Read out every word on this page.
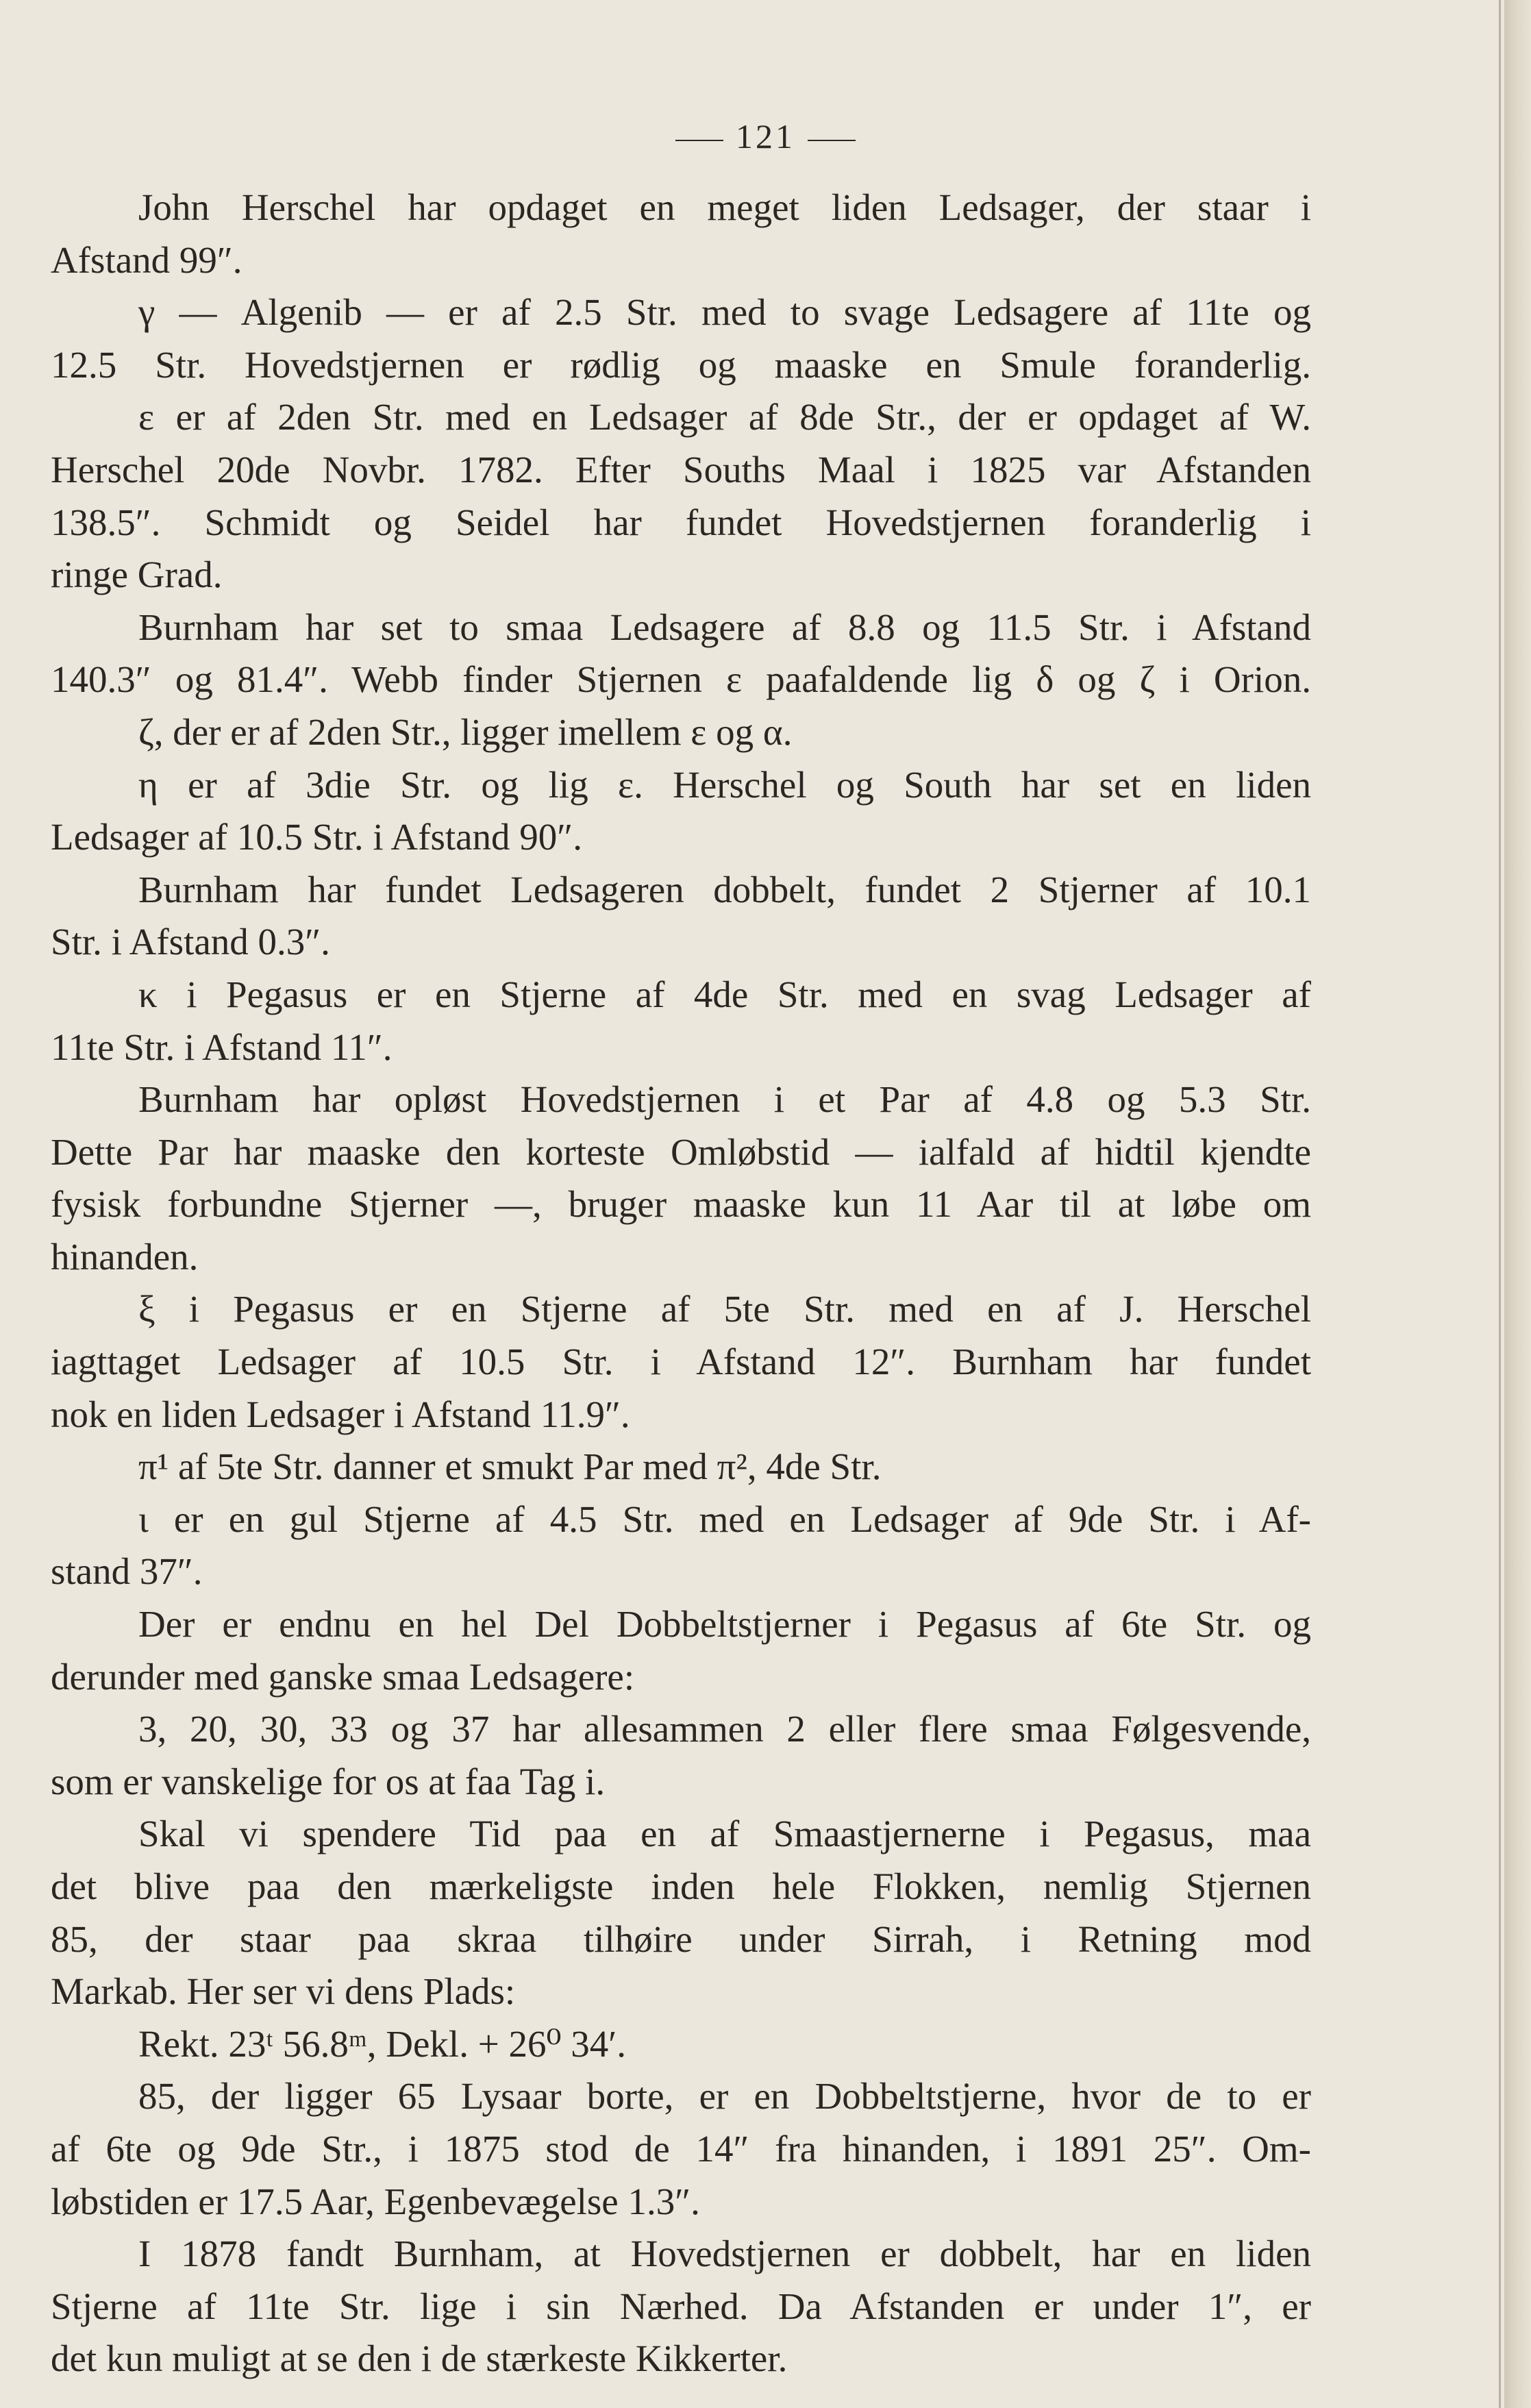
121
John Herschel har opdaget en meget liden Ledsager, der staar i
Afstand 99″.
γ — Algenib — er af 2.5 Str. med to svage Ledsagere af 11te og
12.5 Str. Hovedstjernen er rødlig og maaske en Smule foranderlig.
ε er af 2den Str. med en Ledsager af 8de Str., der er opdaget af W.
Herschel 20de Novbr. 1782. Efter Souths Maal i 1825 var Afstanden
138.5″. Schmidt og Seidel har fundet Hovedstjernen foranderlig i
ringe Grad.
Burnham har set to smaa Ledsagere af 8.8 og 11.5 Str. i Afstand
140.3″ og 81.4″. Webb finder Stjernen ε paafaldende lig δ og ζ i Orion.
ζ, der er af 2den Str., ligger imellem ε og α.
η er af 3die Str. og lig ε. Herschel og South har set en liden
Ledsager af 10.5 Str. i Afstand 90″.
Burnham har fundet Ledsageren dobbelt, fundet 2 Stjerner af 10.1
Str. i Afstand 0.3″.
κ i Pegasus er en Stjerne af 4de Str. med en svag Ledsager af
11te Str. i Afstand 11″.
Burnham har opløst Hovedstjernen i et Par af 4.8 og 5.3 Str.
Dette Par har maaske den korteste Omløbstid — ialfald af hidtil kjendte
fysisk forbundne Stjerner —, bruger maaske kun 11 Aar til at løbe om
hinanden.
ξ i Pegasus er en Stjerne af 5te Str. med en af J. Herschel
iagttaget Ledsager af 10.5 Str. i Afstand 12″. Burnham har fundet
nok en liden Ledsager i Afstand 11.9″.
π¹ af 5te Str. danner et smukt Par med π², 4de Str.
ι er en gul Stjerne af 4.5 Str. med en Ledsager af 9de Str. i Af-
stand 37″.
Der er endnu en hel Del Dobbeltstjerner i Pegasus af 6te Str. og
derunder med ganske smaa Ledsagere:
3, 20, 30, 33 og 37 har allesammen 2 eller flere smaa Følgesvende,
som er vanskelige for os at faa Tag i.
Skal vi spendere Tid paa en af Smaastjernerne i Pegasus, maa
det blive paa den mærkeligste inden hele Flokken, nemlig Stjernen
85, der staar paa skraa tilhøire under Sirrah, i Retning mod
Markab. Her ser vi dens Plads:
Rekt. 23ᵗ 56.8ᵐ, Dekl. + 26⁰ 34′.
85, der ligger 65 Lysaar borte, er en Dobbeltstjerne, hvor de to er
af 6te og 9de Str., i 1875 stod de 14″ fra hinanden, i 1891 25″. Om-
løbstiden er 17.5 Aar, Egenbevægelse 1.3″.
I 1878 fandt Burnham, at Hovedstjernen er dobbelt, har en liden
Stjerne af 11te Str. lige i sin Nærhed. Da Afstanden er under 1″, er
det kun muligt at se den i de stærkeste Kikkerter.
